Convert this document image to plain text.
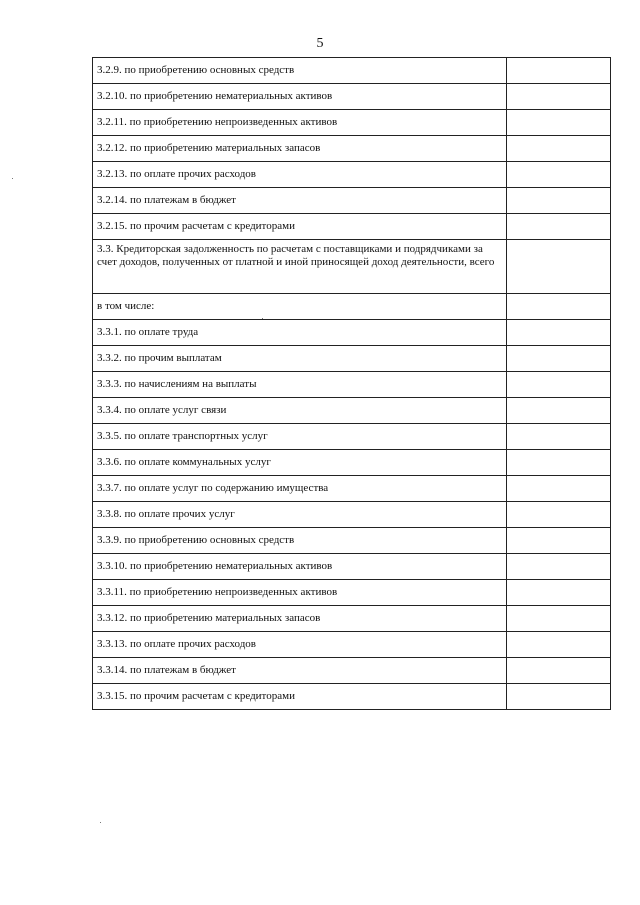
5
3.2.9. по приобретению основных средств	
3.2.10. по приобретению нематериальных активов	
3.2.11. по приобретению непроизведенных активов	
3.2.12. по приобретению материальных запасов	
3.2.13. по оплате прочих расходов	
3.2.14. по платежам в бюджет	
3.2.15. по прочим расчетам с кредиторами	
3.3. Кредиторская задолженность по расчетам с поставщиками и подрядчиками за счет доходов, полученных от платной и иной приносящей доход деятельности, всего	
в том числе:	
3.3.1. по оплате труда	
3.3.2. по прочим выплатам	
3.3.3. по начислениям на выплаты	
3.3.4. по оплате услуг связи	
3.3.5. по оплате транспортных услуг	
3.3.6. по оплате коммунальных услуг	
3.3.7. по оплате услуг по содержанию имущества	
3.3.8. по оплате прочих услуг	
3.3.9. по приобретению основных средств	
3.3.10. по приобретению нематериальных активов	
3.3.11. по приобретению непроизведенных активов	
3.3.12. по приобретению материальных запасов	
3.3.13. по оплате прочих расходов	
3.3.14. по платежам в бюджет	
3.3.15. по прочим расчетам с кредиторами	
